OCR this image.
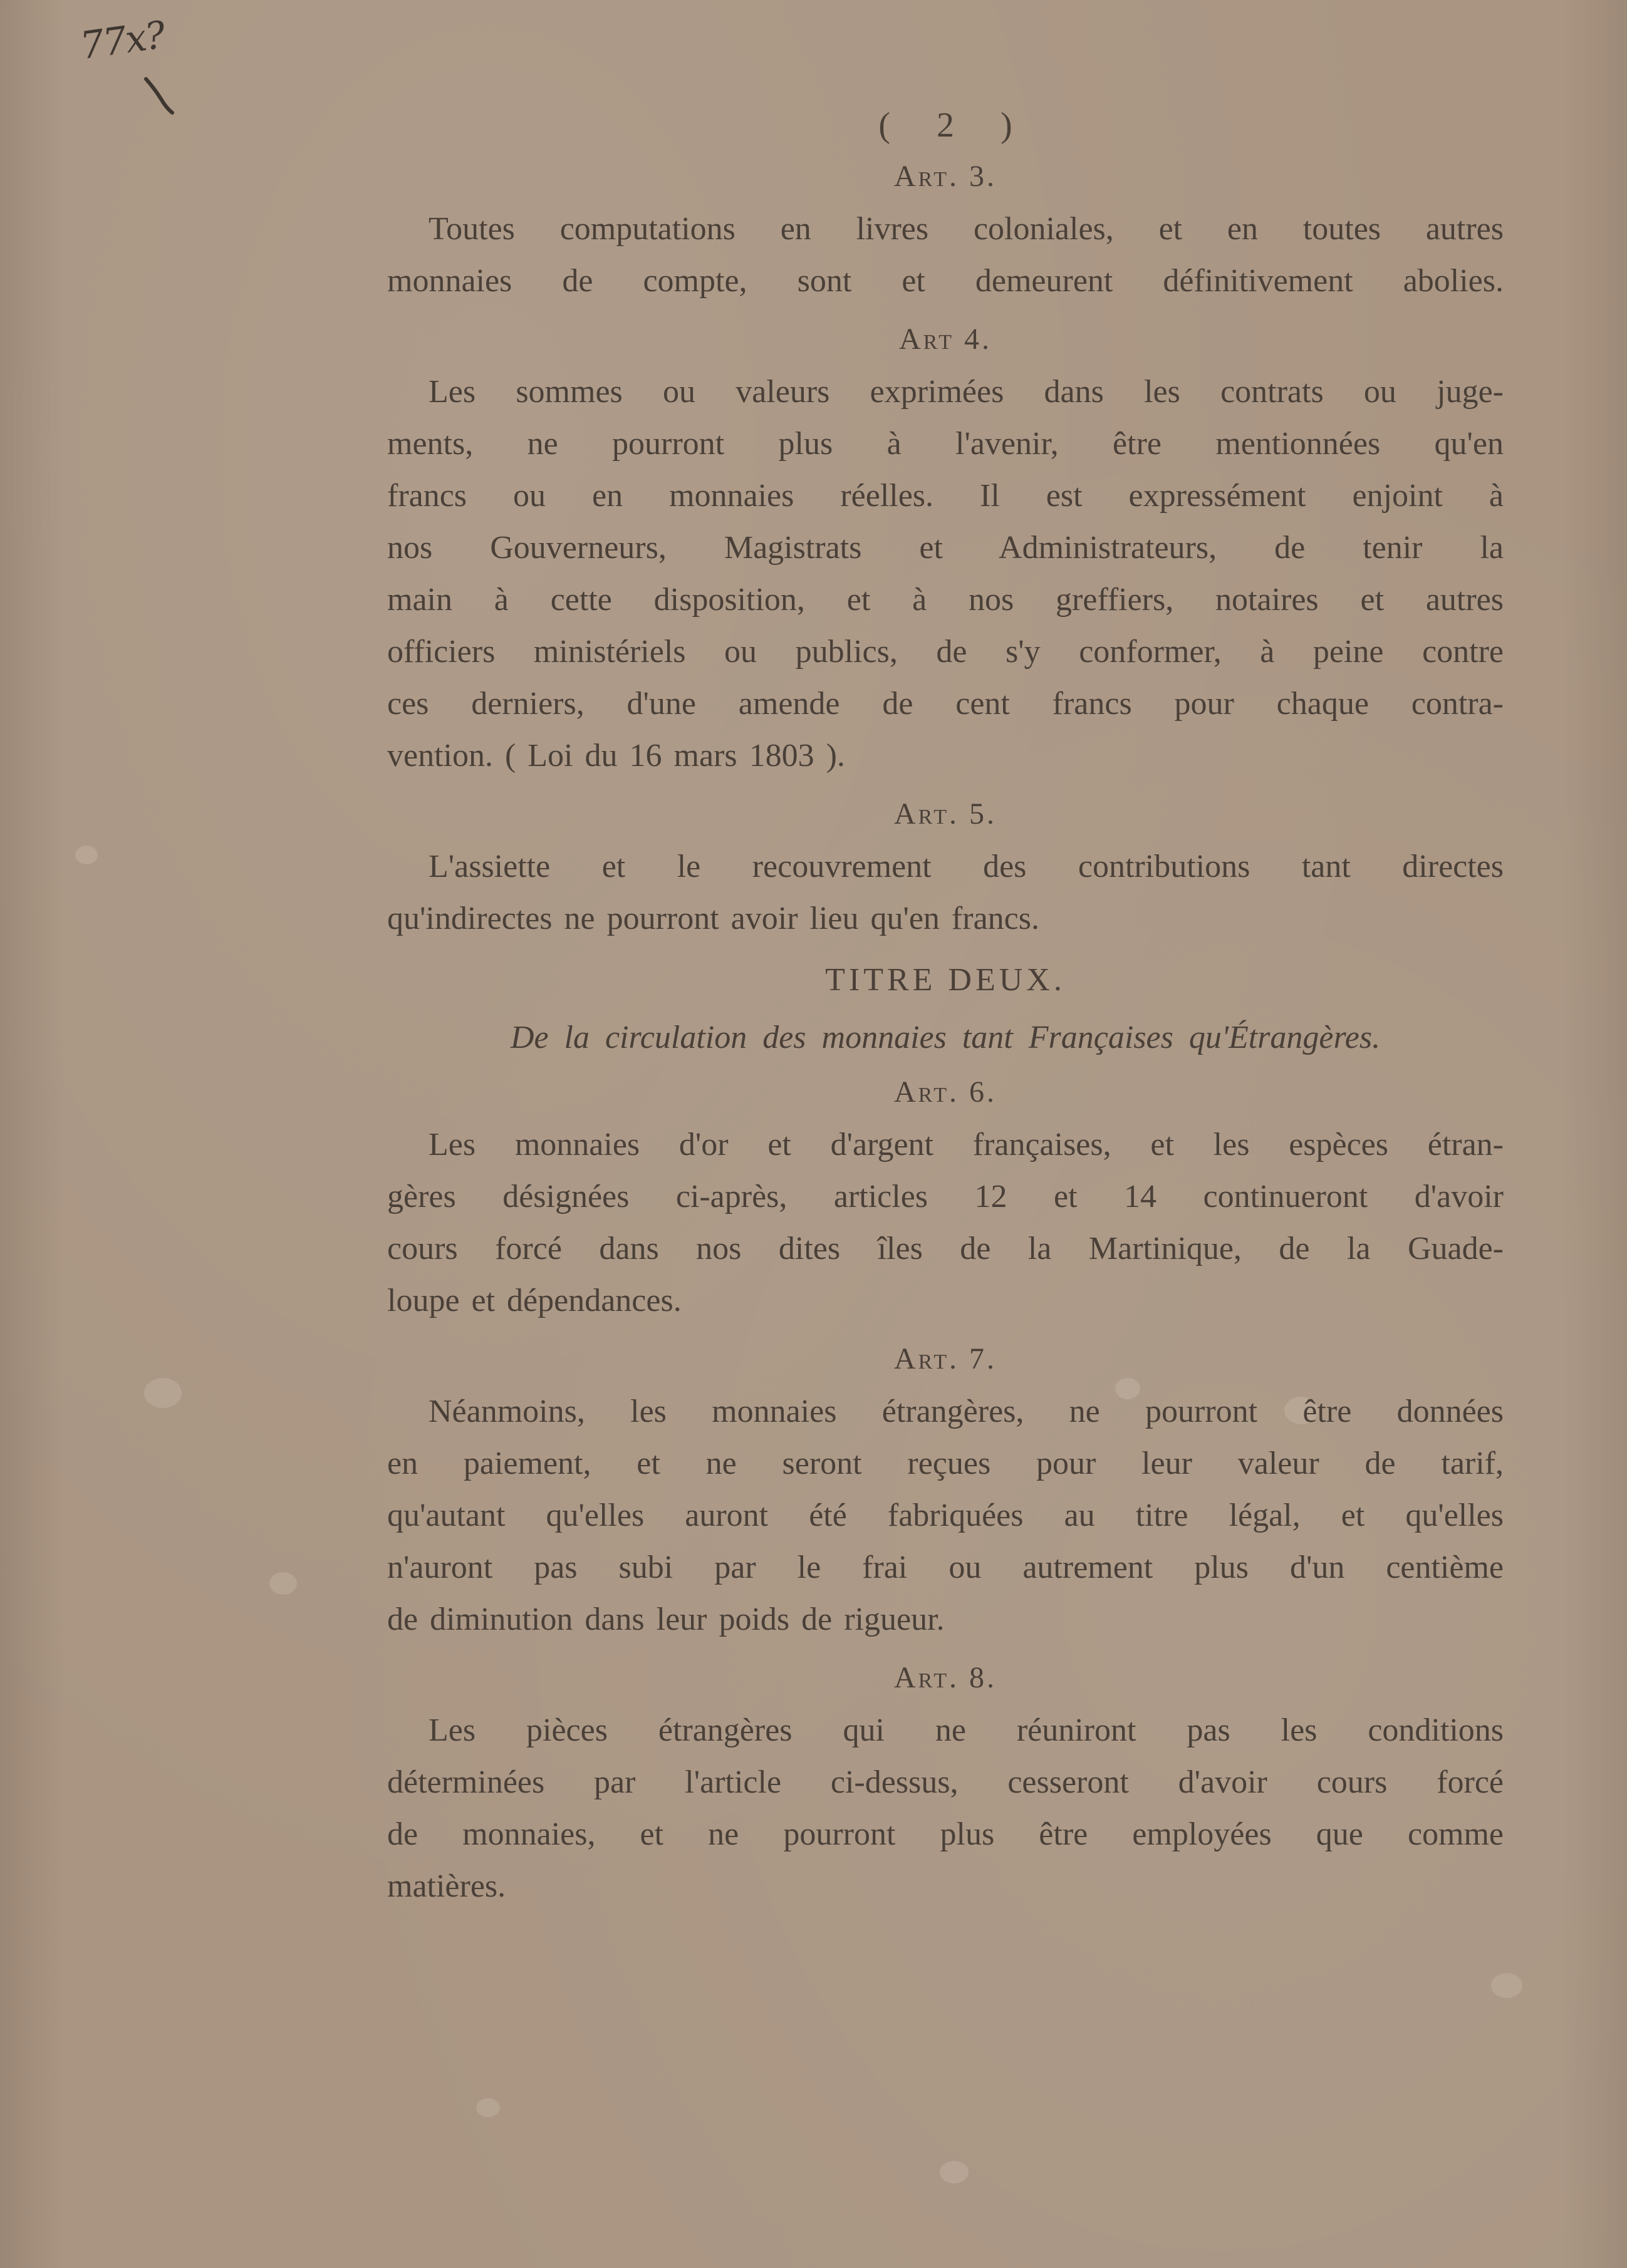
77x?
( 2 )
Art. 3.
Toutes computations en livres coloniales, et en toutes autres
monnaies de compte, sont et demeurent définitivement abolies.
Art 4.
Les sommes ou valeurs exprimées dans les contrats ou juge-
ments, ne pourront plus à l'avenir, être mentionnées qu'en
francs ou en monnaies réelles. Il est expressément enjoint à
nos Gouverneurs, Magistrats et Administrateurs, de tenir la
main à cette disposition, et à nos greffiers, notaires et autres
officiers ministériels ou publics, de s'y conformer, à peine contre
ces derniers, d'une amende de cent francs pour chaque contra-
vention. ( Loi du 16 mars 1803 ).
Art. 5.
L'assiette et le recouvrement des contributions tant directes
qu'indirectes ne pourront avoir lieu qu'en francs.
TITRE DEUX.
De la circulation des monnaies tant Françaises qu'Étrangères.
Art. 6.
Les monnaies d'or et d'argent françaises, et les espèces étran-
gères désignées ci-après, articles 12 et 14 continueront d'avoir
cours forcé dans nos dites îles de la Martinique, de la Guade-
loupe et dépendances.
Art. 7.
Néanmoins, les monnaies étrangères, ne pourront être données
en paiement, et ne seront reçues pour leur valeur de tarif,
qu'autant qu'elles auront été fabriquées au titre légal, et qu'elles
n'auront pas subi par le frai ou autrement plus d'un centième
de diminution dans leur poids de rigueur.
Art. 8.
Les pièces étrangères qui ne réuniront pas les conditions
déterminées par l'article ci-dessus, cesseront d'avoir cours forcé
de monnaies, et ne pourront plus être employées que comme
matières.
